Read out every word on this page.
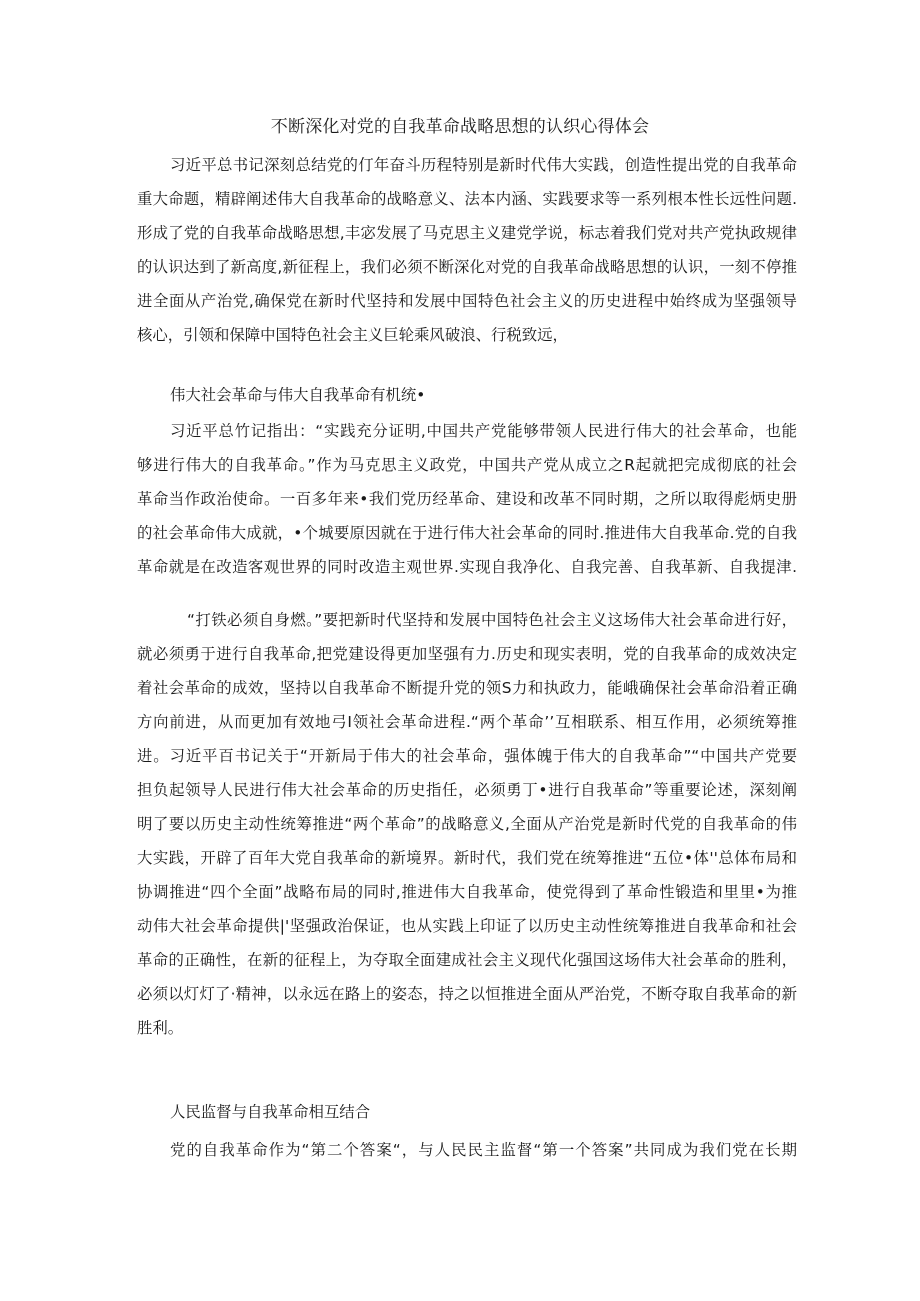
不断深化对党的自我革命战略思想的认织心得体会
习近平总书记深刻总结党的仃年奋斗历程特别是新时代伟大实践，创造性提出党的自我革命
重大命题，精辟阐述伟大自我革命的战略意义、法本内涵、实践要求等一系列根本性长远性问题.
形成了党的自我革命战略思想,丰宓发展了马克思主义建党学说，标志着我们党对共产党执政规律
的认识达到了新高度,新征程上，我们必须不断深化对党的自我革命战略思想的认识，一刻不停推
进全面从产治党,确保党在新时代坚持和发展中国特色社会主义的历史进程中始终成为坚强领导
核心，引领和保障中国特色社会主义巨轮乘风破浪、行税致远，
伟大社会革命与伟大自我革命有机统•
习近平总竹记指出：“实践充分证明,中国共产党能够带领人民进行伟大的社会革命，也能
够进行伟大的自我革命。”作为马克思主义政党，中国共产党从成立之R起就把完成彻底的社会
革命当作政治使命。一百多年来•我们党历经革命、建设和改革不同时期，之所以取得彪炳史册
的社会革命伟大成就，•个城要原因就在于进行伟大社会革命的同时.推进伟大自我革命.党的自我
革命就是在改造客观世界的同时改造主观世界.实现自我净化、自我完善、自我革新、自我提津.
“打铁必须自身燃。”要把新时代坚持和发展中国特色社会主义这场伟大社会革命进行好，
就必须勇于进行自我革命,把党建设得更加坚强有力.历史和现实表明，党的自我革命的成效决定
着社会革命的成效，坚持以自我革命不断提升党的领S力和执政力，能峨确保社会革命沿着正确
方向前进，从而更加有效地弓I领社会革命进程.“两个革命’’互相联系、相互作用，必须统筹推
进。习近平百书记关于“开新局于伟大的社会革命，强体魄于伟大的自我革命”“中国共产党要
担负起领导人民进行伟大社会革命的历史指任，必须勇丁•进行自我革命”等重要论述，深刻阐
明了要以历史主动性统筹推进“两个革命”的战略意义,全面从产治党是新时代党的自我革命的伟
大实践，开辟了百年大党自我革命的新境界。新时代，我们党在统筹推进“五位•体''总体布局和
协调推进“四个全面”战略布局的同时,推进伟大自我革命，使党得到了革命性锻造和里里•为推
动伟大社会革命提供|'坚强政治保证，也从实践上印证了以历史主动性统筹推进自我革命和社会
革命的正确性，在新的征程上，为夺取全面建成社会主义现代化强国这场伟大社会革命的胜利，
必须以灯灯了·精神，以永远在路上的姿态，持之以恒推进全面从严治党，不断夺取自我革命的新
胜利。
人民监督与自我革命相互结合
党的自我革命作为“第二个答案“，与人民民主监督“第一个答案”共同成为我们党在长期
